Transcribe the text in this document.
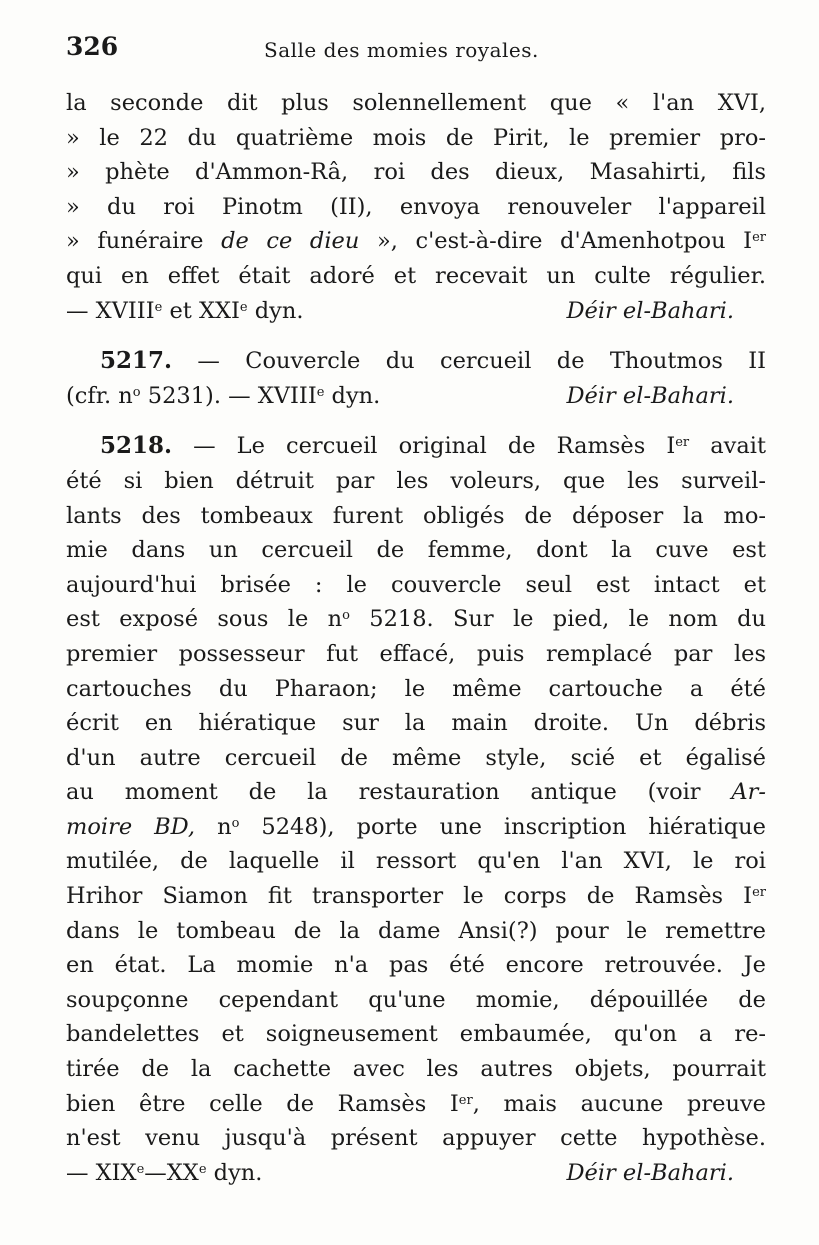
326	Salle des momies royales.
la seconde dit plus solennellement que « l'an XVI,
» le 22 du quatrième mois de Pirit, le premier pro-
» phète d'Ammon-Râ, roi des dieux, Masahirti, fils
» du roi Pinotm (II), envoya renouveler l'appareil
» funéraire de ce dieu », c'est-à-dire d'Amenhotpou Ier
qui en effet était adoré et recevait un culte régulier.
— XVIIIe et XXIe dyn.	Déir el-Bahari.
5217. — Couvercle du cercueil de Thoutmos II
(cfr. $n^o$ 5231). — XVIIIe dyn.	Déir el-Bahari.
5218. — Le cercueil original de Ramsès Ier avait
été si bien détruit par les voleurs, que les surveil-
lants des tombeaux furent obligés de déposer la mo-
mie dans un cercueil de femme, dont la cuve est
aujourd'hui brisée : le couvercle seul est intact et
est exposé sous le $n^o$ 5218. Sur le pied, le nom du
premier possesseur fut effacé, puis remplacé par les
cartouches du Pharaon; le même cartouche a été
écrit en hiératique sur la main droite. Un débris
d'un autre cercueil de même style, scié et égalisé
au moment de la restauration antique (voir Ar-
moire BD, $n^o$ 5248), porte une inscription hiératique
mutilée, de laquelle il ressort qu'en l'an XVI, le roi
Hrihor Siamon fit transporter le corps de Ramsès Ier
dans le tombeau de la dame Ansi(?) pour le remettre
en état. La momie n'a pas été encore retrouvée. Je
soupçonne cependant qu'une momie, dépouillée de
bandelettes et soigneusement embaumée, qu'on a re-
tirée de la cachette avec les autres objets, pourrait
bien être celle de Ramsès Ier, mais aucune preuve
n'est venu jusqu'à présent appuyer cette hypothèse.
— XIXe—XXe dyn.	Déir el-Bahari.
